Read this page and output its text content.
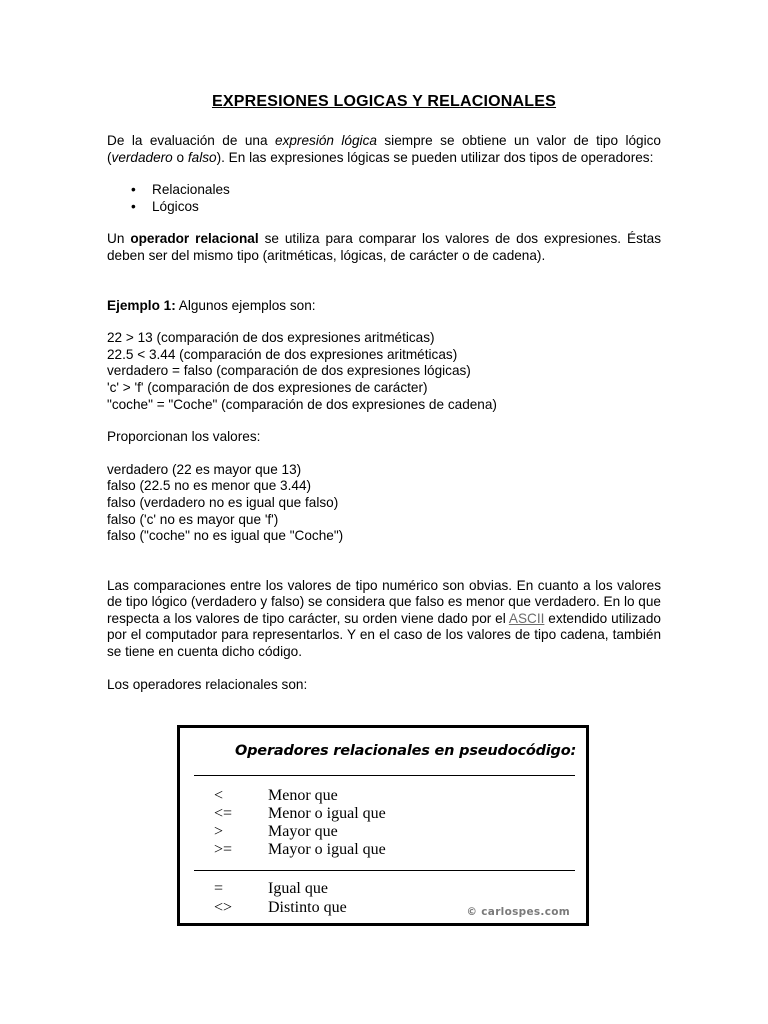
EXPRESIONES LOGICAS Y RELACIONALES

De la evaluación de una expresión lógica siempre se obtiene un valor de tipo lógico (verdadero o falso). En las expresiones lógicas se pueden utilizar dos tipos de operadores:

• Relacionales
• Lógicos

Un operador relacional se utiliza para comparar los valores de dos expresiones. Éstas deben ser del mismo tipo (aritméticas, lógicas, de carácter o de cadena).

Ejemplo 1: Algunos ejemplos son:

22 > 13 (comparación de dos expresiones aritméticas)
22.5 < 3.44 (comparación de dos expresiones aritméticas)
verdadero = falso (comparación de dos expresiones lógicas)
'c' > 'f' (comparación de dos expresiones de carácter)
"coche" = "Coche" (comparación de dos expresiones de cadena)

Proporcionan los valores:

verdadero (22 es mayor que 13)
falso (22.5 no es menor que 3.44)
falso (verdadero no es igual que falso)
falso ('c' no es mayor que 'f')
falso ("coche" no es igual que "Coche")

Las comparaciones entre los valores de tipo numérico son obvias. En cuanto a los valores de tipo lógico (verdadero y falso) se considera que falso es menor que verdadero. En lo que respecta a los valores de tipo carácter, su orden viene dado por el ASCII extendido utilizado por el computador para representarlos. Y en el caso de los valores de tipo cadena, también se tiene en cuenta dicho código.

Los operadores relacionales son:

Operadores relacionales en pseudocódigo:
<	Menor que
<= Menor o igual que
>	Mayor que
>= Mayor o igual que
=	Igual que
<> Distinto que	© carlospes.com
